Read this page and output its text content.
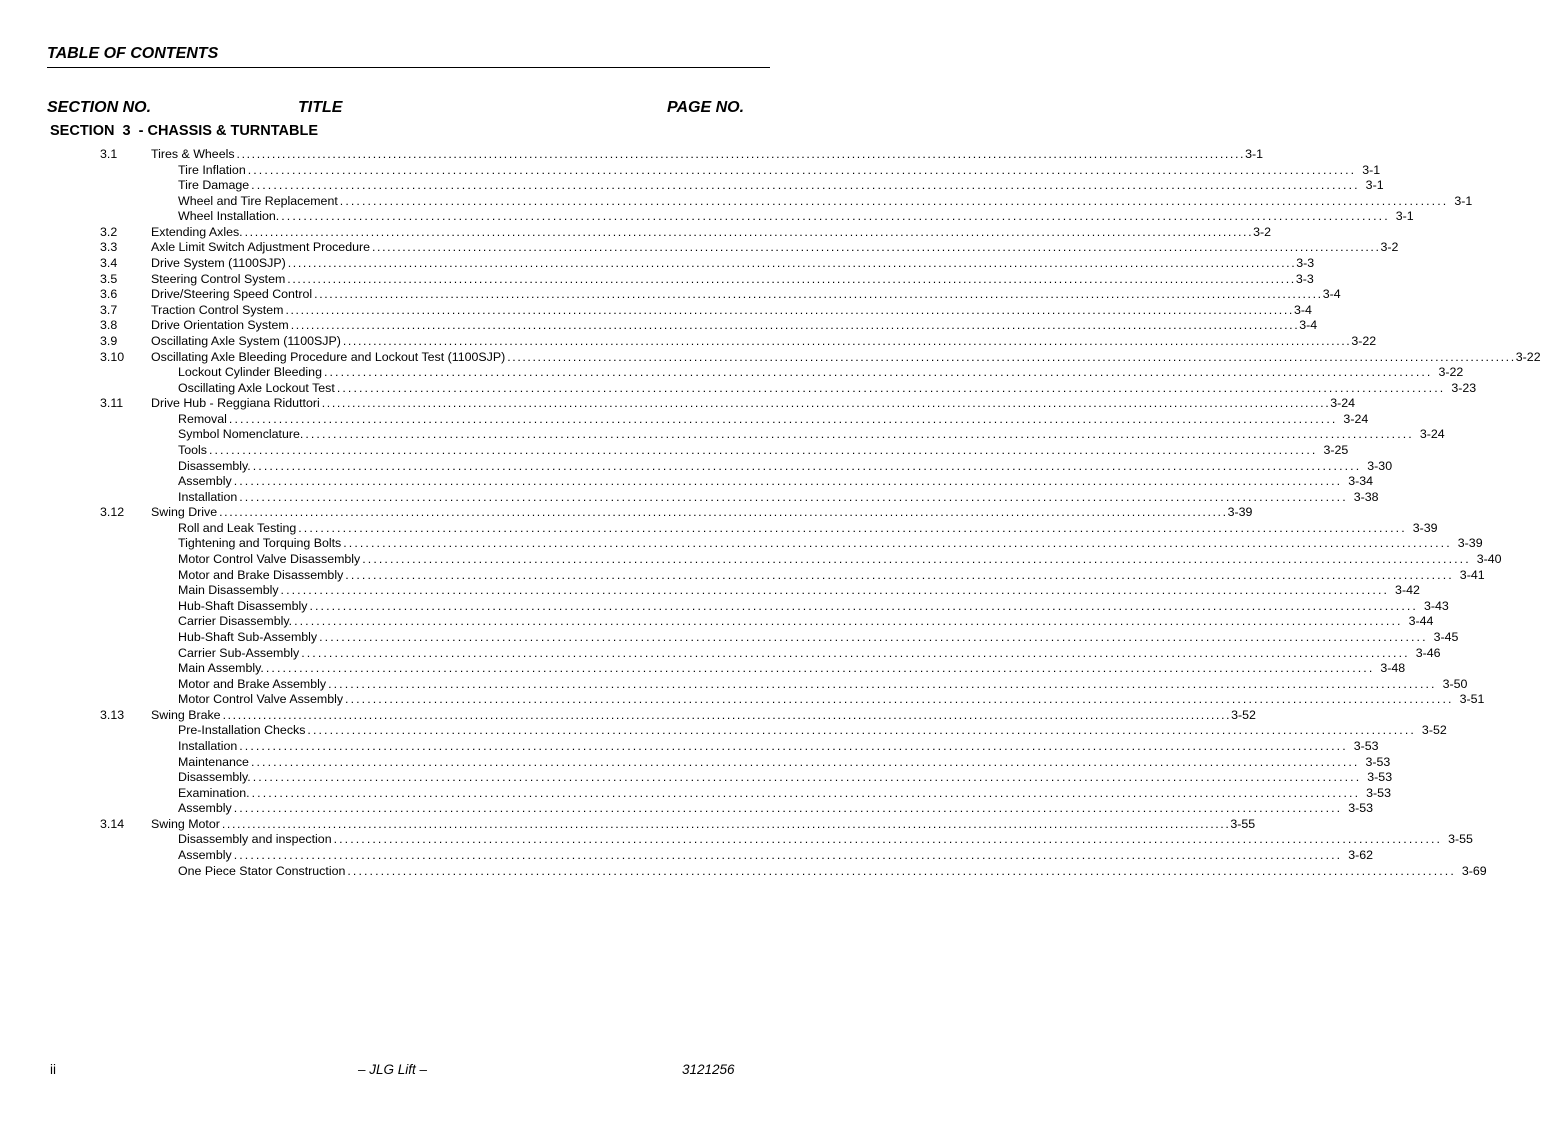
TABLE OF CONTENTS
SECTION NO.	TITLE	PAGE NO.
SECTION  3  - CHASSIS & TURNTABLE
3.1	Tires & Wheels ........................................................................................................................................................................................................ 3-1
Tire Inflation ........................................................................................................................................................................................................ 3-1
Tire Damage ........................................................................................................................................................................................................ 3-1
Wheel and Tire Replacement ........................................................................................................................................................................................................ 3-1
Wheel Installation. ........................................................................................................................................................................................................ 3-1
3.2	Extending Axles. ........................................................................................................................................................................................................ 3-2
3.3	Axle Limit Switch Adjustment Procedure ........................................................................................................................................................................................................ 3-2
3.4	Drive System (1100SJP) ........................................................................................................................................................................................................ 3-3
3.5	Steering Control System ........................................................................................................................................................................................................ 3-3
3.6	Drive/Steering Speed Control ........................................................................................................................................................................................................ 3-4
3.7	Traction Control System ........................................................................................................................................................................................................ 3-4
3.8	Drive Orientation System ........................................................................................................................................................................................................ 3-4
3.9	Oscillating Axle System (1100SJP) ........................................................................................................................................................................................................ 3-22
3.10 Oscillating Axle Bleeding Procedure and Lockout Test (1100SJP) ........................................................................................................................................................................................................ 3-22
Lockout Cylinder Bleeding ........................................................................................................................................................................................................ 3-22
Oscillating Axle Lockout Test ........................................................................................................................................................................................................ 3-23
3.11 Drive Hub - Reggiana Riduttori ........................................................................................................................................................................................................ 3-24
Removal ........................................................................................................................................................................................................ 3-24
Symbol Nomenclature. ........................................................................................................................................................................................................ 3-24
Tools ........................................................................................................................................................................................................ 3-25
Disassembly. ........................................................................................................................................................................................................ 3-30
Assembly ........................................................................................................................................................................................................ 3-34
Installation ........................................................................................................................................................................................................ 3-38
3.12 Swing Drive ........................................................................................................................................................................................................ 3-39
Roll and Leak Testing ........................................................................................................................................................................................................ 3-39
Tightening and Torquing Bolts ........................................................................................................................................................................................................ 3-39
Motor Control Valve Disassembly ........................................................................................................................................................................................................ 3-40
Motor and Brake Disassembly ........................................................................................................................................................................................................ 3-41
Main Disassembly ........................................................................................................................................................................................................ 3-42
Hub-Shaft Disassembly ........................................................................................................................................................................................................ 3-43
Carrier Disassembly. ........................................................................................................................................................................................................ 3-44
Hub-Shaft Sub-Assembly ........................................................................................................................................................................................................ 3-45
Carrier Sub-Assembly ........................................................................................................................................................................................................ 3-46
Main Assembly. ........................................................................................................................................................................................................ 3-48
Motor and Brake Assembly ........................................................................................................................................................................................................ 3-50
Motor Control Valve Assembly ........................................................................................................................................................................................................ 3-51
3.13 Swing Brake ........................................................................................................................................................................................................ 3-52
Pre-Installation Checks ........................................................................................................................................................................................................ 3-52
Installation ........................................................................................................................................................................................................ 3-53
Maintenance ........................................................................................................................................................................................................ 3-53
Disassembly. ........................................................................................................................................................................................................ 3-53
Examination. ........................................................................................................................................................................................................ 3-53
Assembly ........................................................................................................................................................................................................ 3-53
3.14 Swing Motor ........................................................................................................................................................................................................ 3-55
Disassembly and inspection ........................................................................................................................................................................................................ 3-55
Assembly ........................................................................................................................................................................................................ 3-62
One Piece Stator Construction ........................................................................................................................................................................................................ 3-69
ii	– JLG Lift –	3121256
